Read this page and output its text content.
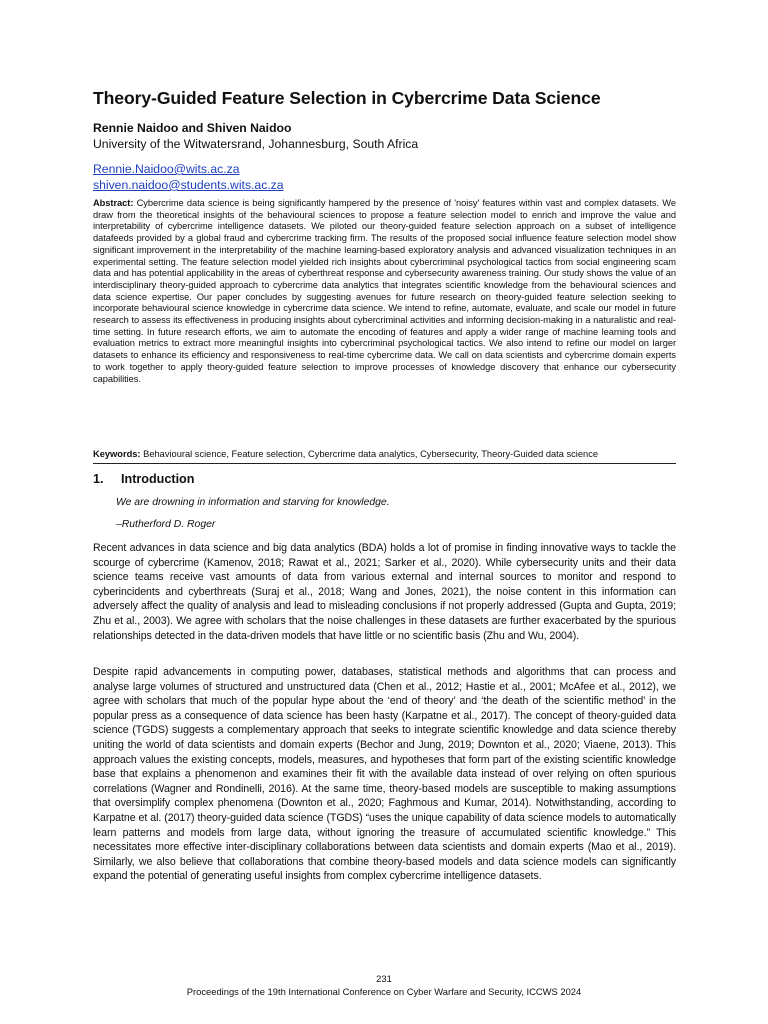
Theory-Guided Feature Selection in Cybercrime Data Science
Rennie Naidoo and Shiven Naidoo
University of the Witwatersrand, Johannesburg, South Africa
Rennie.Naidoo@wits.ac.za
shiven.naidoo@students.wits.ac.za
Abstract: Cybercrime data science is being significantly hampered by the presence of 'noisy' features within vast and complex datasets. We draw from the theoretical insights of the behavioural sciences to propose a feature selection model to enrich and improve the value and interpretability of cybercrime intelligence datasets. We piloted our theory-guided feature selection approach on a subset of intelligence datafeeds provided by a global fraud and cybercrime tracking firm. The results of the proposed social influence feature selection model show significant improvement in the interpretability of the machine learning-based exploratory analysis and advanced visualization techniques in an experimental setting. The feature selection model yielded rich insights about cybercriminal psychological tactics from social engineering scam data and has potential applicability in the areas of cyberthreat response and cybersecurity awareness training. Our study shows the value of an interdisciplinary theory-guided approach to cybercrime data analytics that integrates scientific knowledge from the behavioural sciences and data science expertise. Our paper concludes by suggesting avenues for future research on theory-guided feature selection seeking to incorporate behavioural science knowledge in cybercrime data science. We intend to refine, automate, evaluate, and scale our model in future research to assess its effectiveness in producing insights about cybercriminal activities and informing decision-making in a naturalistic and real-time setting. In future research efforts, we aim to automate the encoding of features and apply a wider range of machine learning tools and evaluation metrics to extract more meaningful insights into cybercriminal psychological tactics. We also intend to refine our model on larger datasets to enhance its efficiency and responsiveness to real-time cybercrime data. We call on data scientists and cybercrime domain experts to work together to apply theory-guided feature selection to improve processes of knowledge discovery that enhance our cybersecurity capabilities.
Keywords: Behavioural science, Feature selection, Cybercrime data analytics, Cybersecurity, Theory-Guided data science
1. Introduction
We are drowning in information and starving for knowledge.
–Rutherford D. Roger
Recent advances in data science and big data analytics (BDA) holds a lot of promise in finding innovative ways to tackle the scourge of cybercrime (Kamenov, 2018; Rawat et al., 2021; Sarker et al., 2020). While cybersecurity units and their data science teams receive vast amounts of data from various external and internal sources to monitor and respond to cyberincidents and cyberthreats (Suraj et al., 2018; Wang and Jones, 2021), the noise content in this information can adversely affect the quality of analysis and lead to misleading conclusions if not properly addressed (Gupta and Gupta, 2019; Zhu et al., 2003). We agree with scholars that the noise challenges in these datasets are further exacerbated by the spurious relationships detected in the data-driven models that have little or no scientific basis (Zhu and Wu, 2004).
Despite rapid advancements in computing power, databases, statistical methods and algorithms that can process and analyse large volumes of structured and unstructured data (Chen et al., 2012; Hastie et al., 2001; McAfee et al., 2012), we agree with scholars that much of the popular hype about the ‘end of theory’ and ‘the death of the scientific method’ in the popular press as a consequence of data science has been hasty (Karpatne et al., 2017). The concept of theory-guided data science (TGDS) suggests a complementary approach that seeks to integrate scientific knowledge and data science thereby uniting the world of data scientists and domain experts (Bechor and Jung, 2019; Downton et al., 2020; Viaene, 2013). This approach values the existing concepts, models, measures, and hypotheses that form part of the existing scientific knowledge base that explains a phenomenon and examines their fit with the available data instead of over relying on often spurious correlations (Wagner and Rondinelli, 2016). At the same time, theory-based models are susceptible to making assumptions that oversimplify complex phenomena (Downton et al., 2020; Faghmous and Kumar, 2014). Notwithstanding, according to Karpatne et al. (2017) theory-guided data science (TGDS) “uses the unique capability of data science models to automatically learn patterns and models from large data, without ignoring the treasure of accumulated scientific knowledge.” This necessitates more effective inter-disciplinary collaborations between data scientists and domain experts (Mao et al., 2019). Similarly, we also believe that collaborations that combine theory-based models and data science models can significantly expand the potential of generating useful insights from complex cybercrime intelligence datasets.
231
Proceedings of the 19th International Conference on Cyber Warfare and Security, ICCWS 2024
